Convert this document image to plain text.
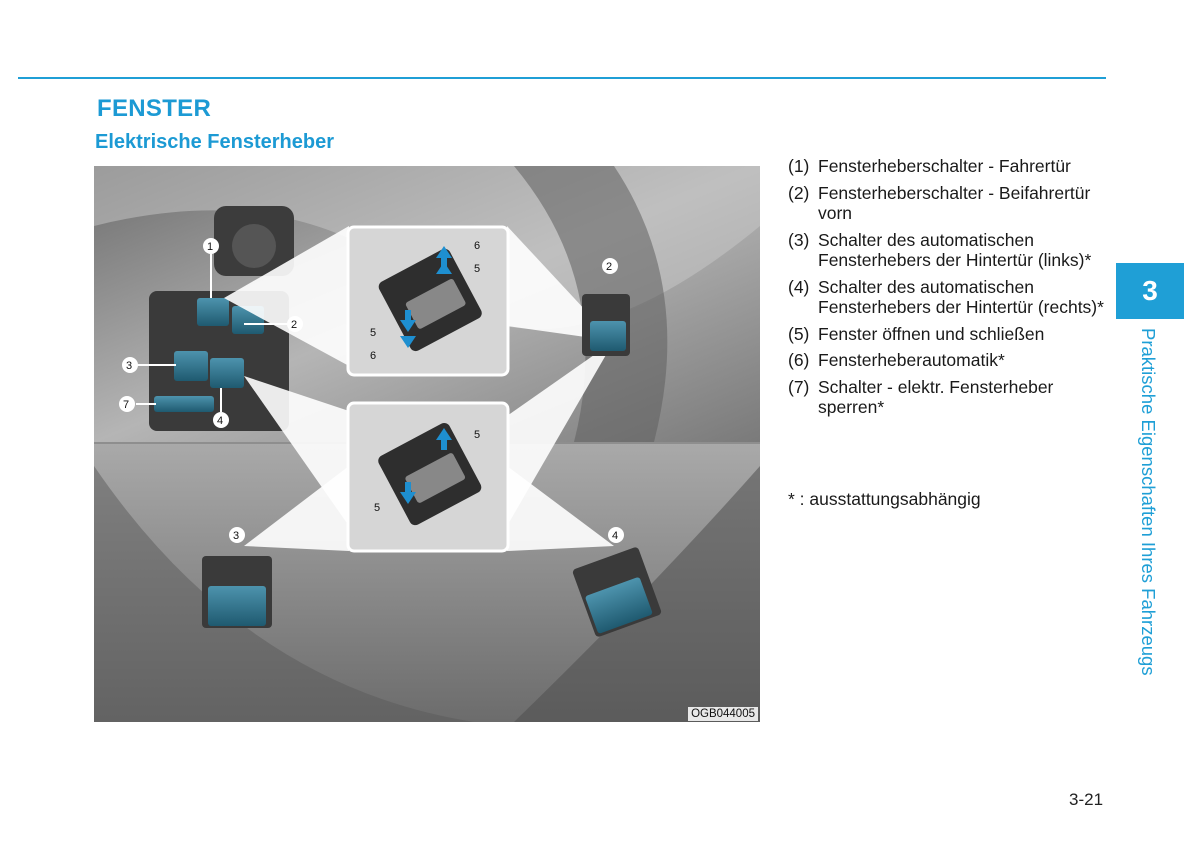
FENSTER
Elektrische Fensterheber
1
2
3
4
7
2
3	4
6
5
5
6
5
5
OGB044005
(1) Fensterheberschalter - Fahrertür
(2) Fensterheberschalter - Beifahrertür vorn
(3) Schalter des automatischen Fensterhebers der Hintertür (links)*
(4) Schalter des automatischen Fensterhebers der Hintertür (rechts)*
(5) Fenster öffnen und schließen
(6) Fensterheberautomatik*
(7) Schalter - elektr. Fensterheber sperren*
* : ausstattungsabhängig
3
Praktische Eigenschaften Ihres Fahrzeugs
3-21
